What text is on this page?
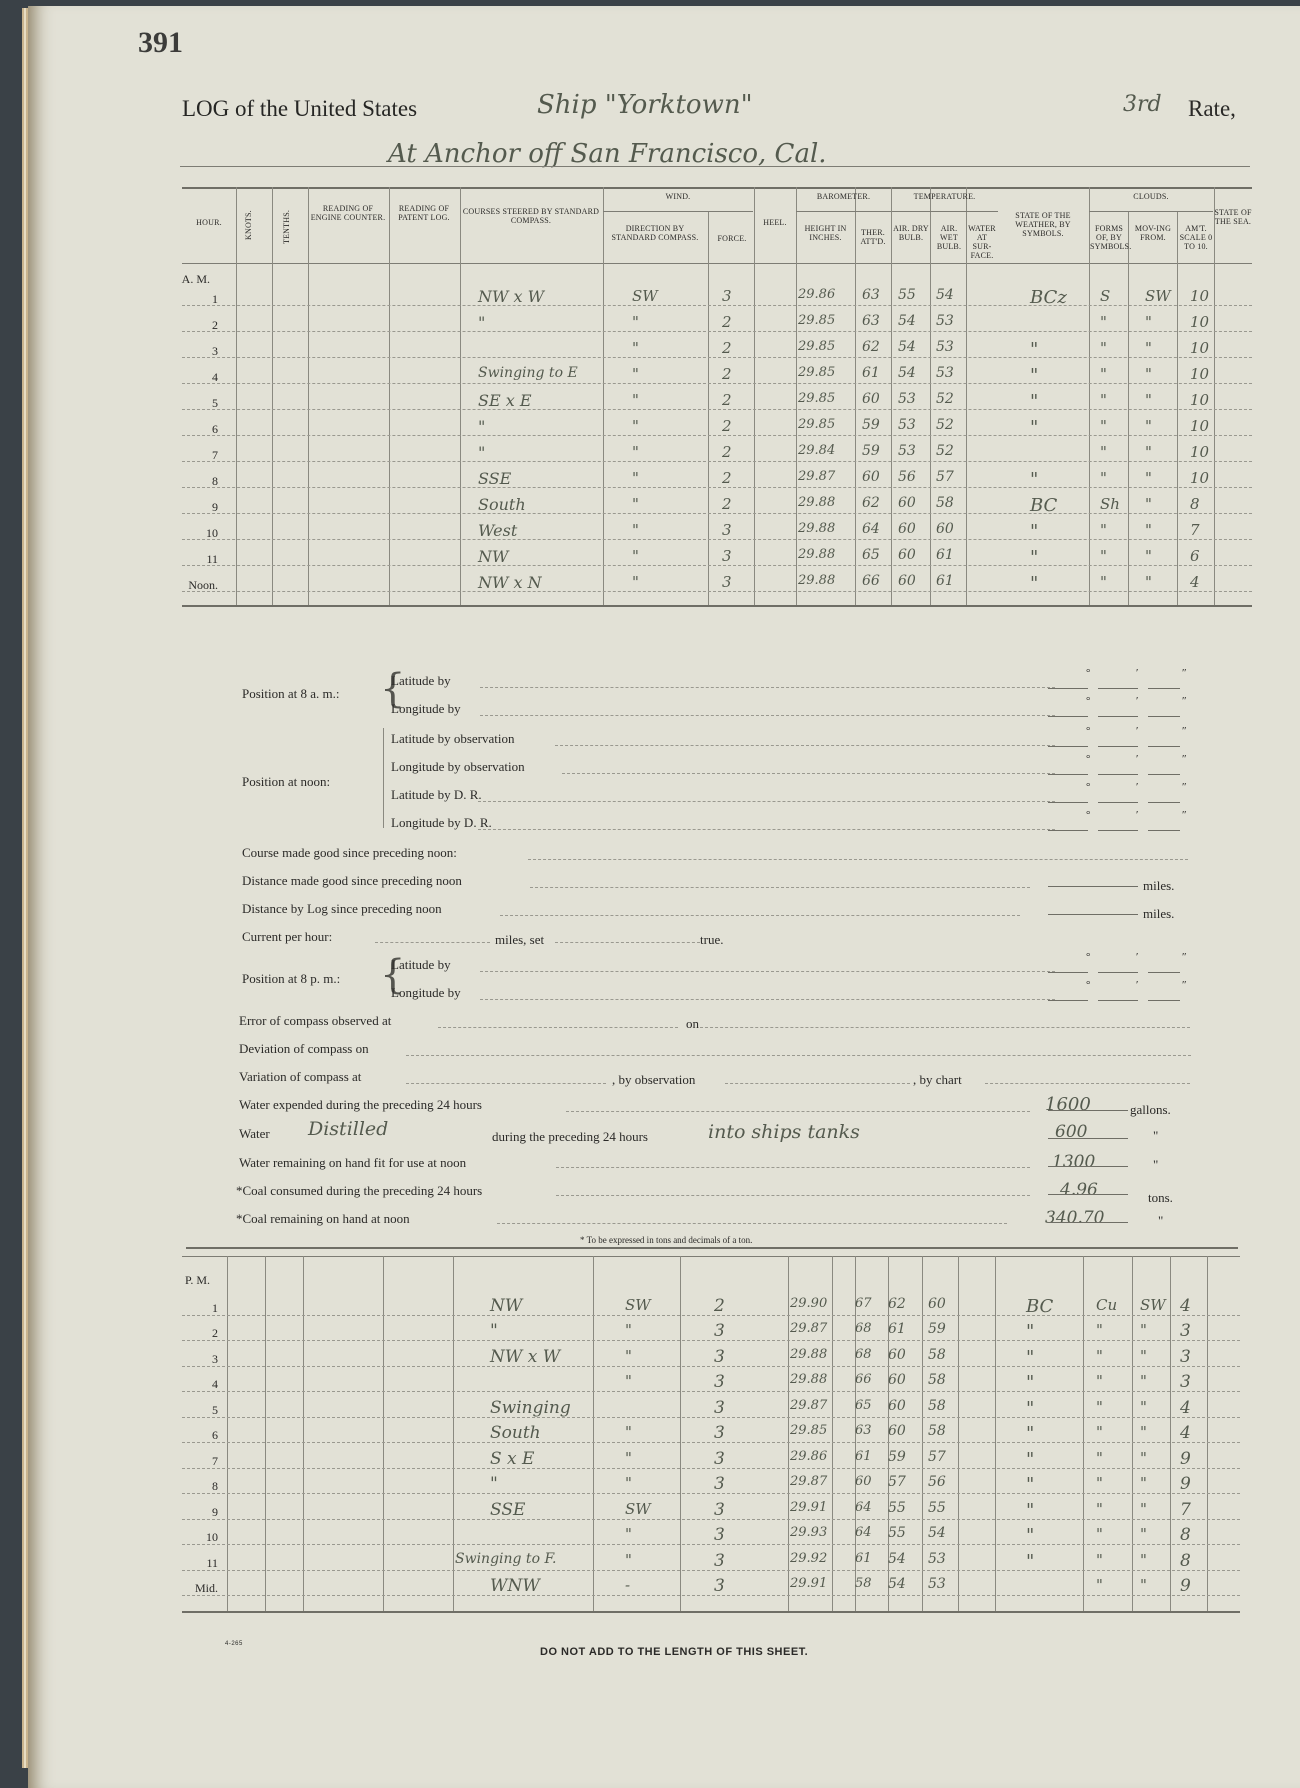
391
LOG of the United States	Ship "Yorktown"	3rd Rate,
At Anchor off San Francisco, Cal.
HOUR.	KNOTS.	TENTHS.
READING OF ENGINE COUNTER.
READING OF PATENT LOG.
COURSES STEERED BY STANDARD COMPASS.
WIND.
DIRECTION BY STANDARD COMPASS.	FORCE.
HEEL.
BAROMETER.
HEIGHT IN INCHES.
THER. ATT'D.
TEMPERATURE.
AIR. DRY BULB.
AIR. WET BULB.
WATER AT SUR-FACE.
STATE OF THE WEATHER, BY SYMBOLS.
CLOUDS.
FORMS OF, BY SYMBOLS.
MOV-ING FROM.
AM'T. SCALE 0 TO 10.
STATE OF THE SEA.
A. M.
1	NW x W	SW	3	29.86 63 55 54	BCz S SW 10
2	"	"	2	29.85 63 54 53	"	"	10
3	"	2	29.85 62 54 53	"	"	"	10
4	Swinging to E	"	2	29.85 61 54 53	"	"	"	10
5	SE x E	"	2	29.85 60 53 52	"	"	"	10
6	"	"	2	29.85 59 53 52	"	"	"	10
7	"	"	2	29.84 59 53 52	"	"	10
8	SSE	"	2	29.87 60 56 57	"	"	"	10
9	South	"	2	29.88 62 60 58	BC	Sh "	8
10	West	"	3	29.88 64 60 60	"	"	"	7
11	NW	"	3	29.88 65 60 61	"	"	"	6
Noon.	NW x N	"	3	29.88 66 60 61	"	"	"	4
Position at 8 a. m.: {
Latitude by
Longitude by
Position at noon:
Latitude by observation
Longitude by observation
Latitude by D. R.
Longitude by D. R.
Course made good since preceding noon:
Distance made good since preceding noon	miles.
Distance by Log since preceding noon	miles.
Current per hour:	miles, set	true.
Position at 8 p. m.: {
Latitude by
Longitude by
Error of compass observed at	on
Deviation of compass on
Variation of compass at	, by observation	, by chart
Water expended during the preceding 24 hours	1600	gallons.
Water Distilled	during the preceding 24 hours	into ships tanks	600	"
Water remaining on hand fit for use at noon	1300	"
*Coal consumed during the preceding 24 hours	4.96	tons.
*Coal remaining on hand at noon	340.70	"
* To be expressed in tons and decimals of a ton.
°	′	″
°	′	″
°	′	″
°	′	″
°	′	″
°	′	″
°	′	″
°	′	″
P. M.
1	NW	SW	2	29.90 67 62 60	BC	Cu SW 4
2	"	"	3	29.87 68 61 59	"	" " 3
3	NW x W	"	3	29.88 68 60 58	"	" " 3
4	"	3	29.88 66 60 58	"	" " 3
5	Swinging	3	29.87 65 60 58	"	" " 4
6	South	"	3	29.85 63 60 58	"	" " 4
7	S x E	"	3	29.86 61 59 57	"	" " 9
8	"	"	3	29.87 60 57 56	"	" " 9
9	SSE	SW	3	29.91 64 55 55	"	" " 7
10	"	3	29.93 64 55 54	"	" " 8
11	Swinging to F.	"	3	29.92 61 54 53	"	" " 8
Mid.	WNW	-	3	29.91 58 54 53	" " 9
4-265
DO NOT ADD TO THE LENGTH OF THIS SHEET.
